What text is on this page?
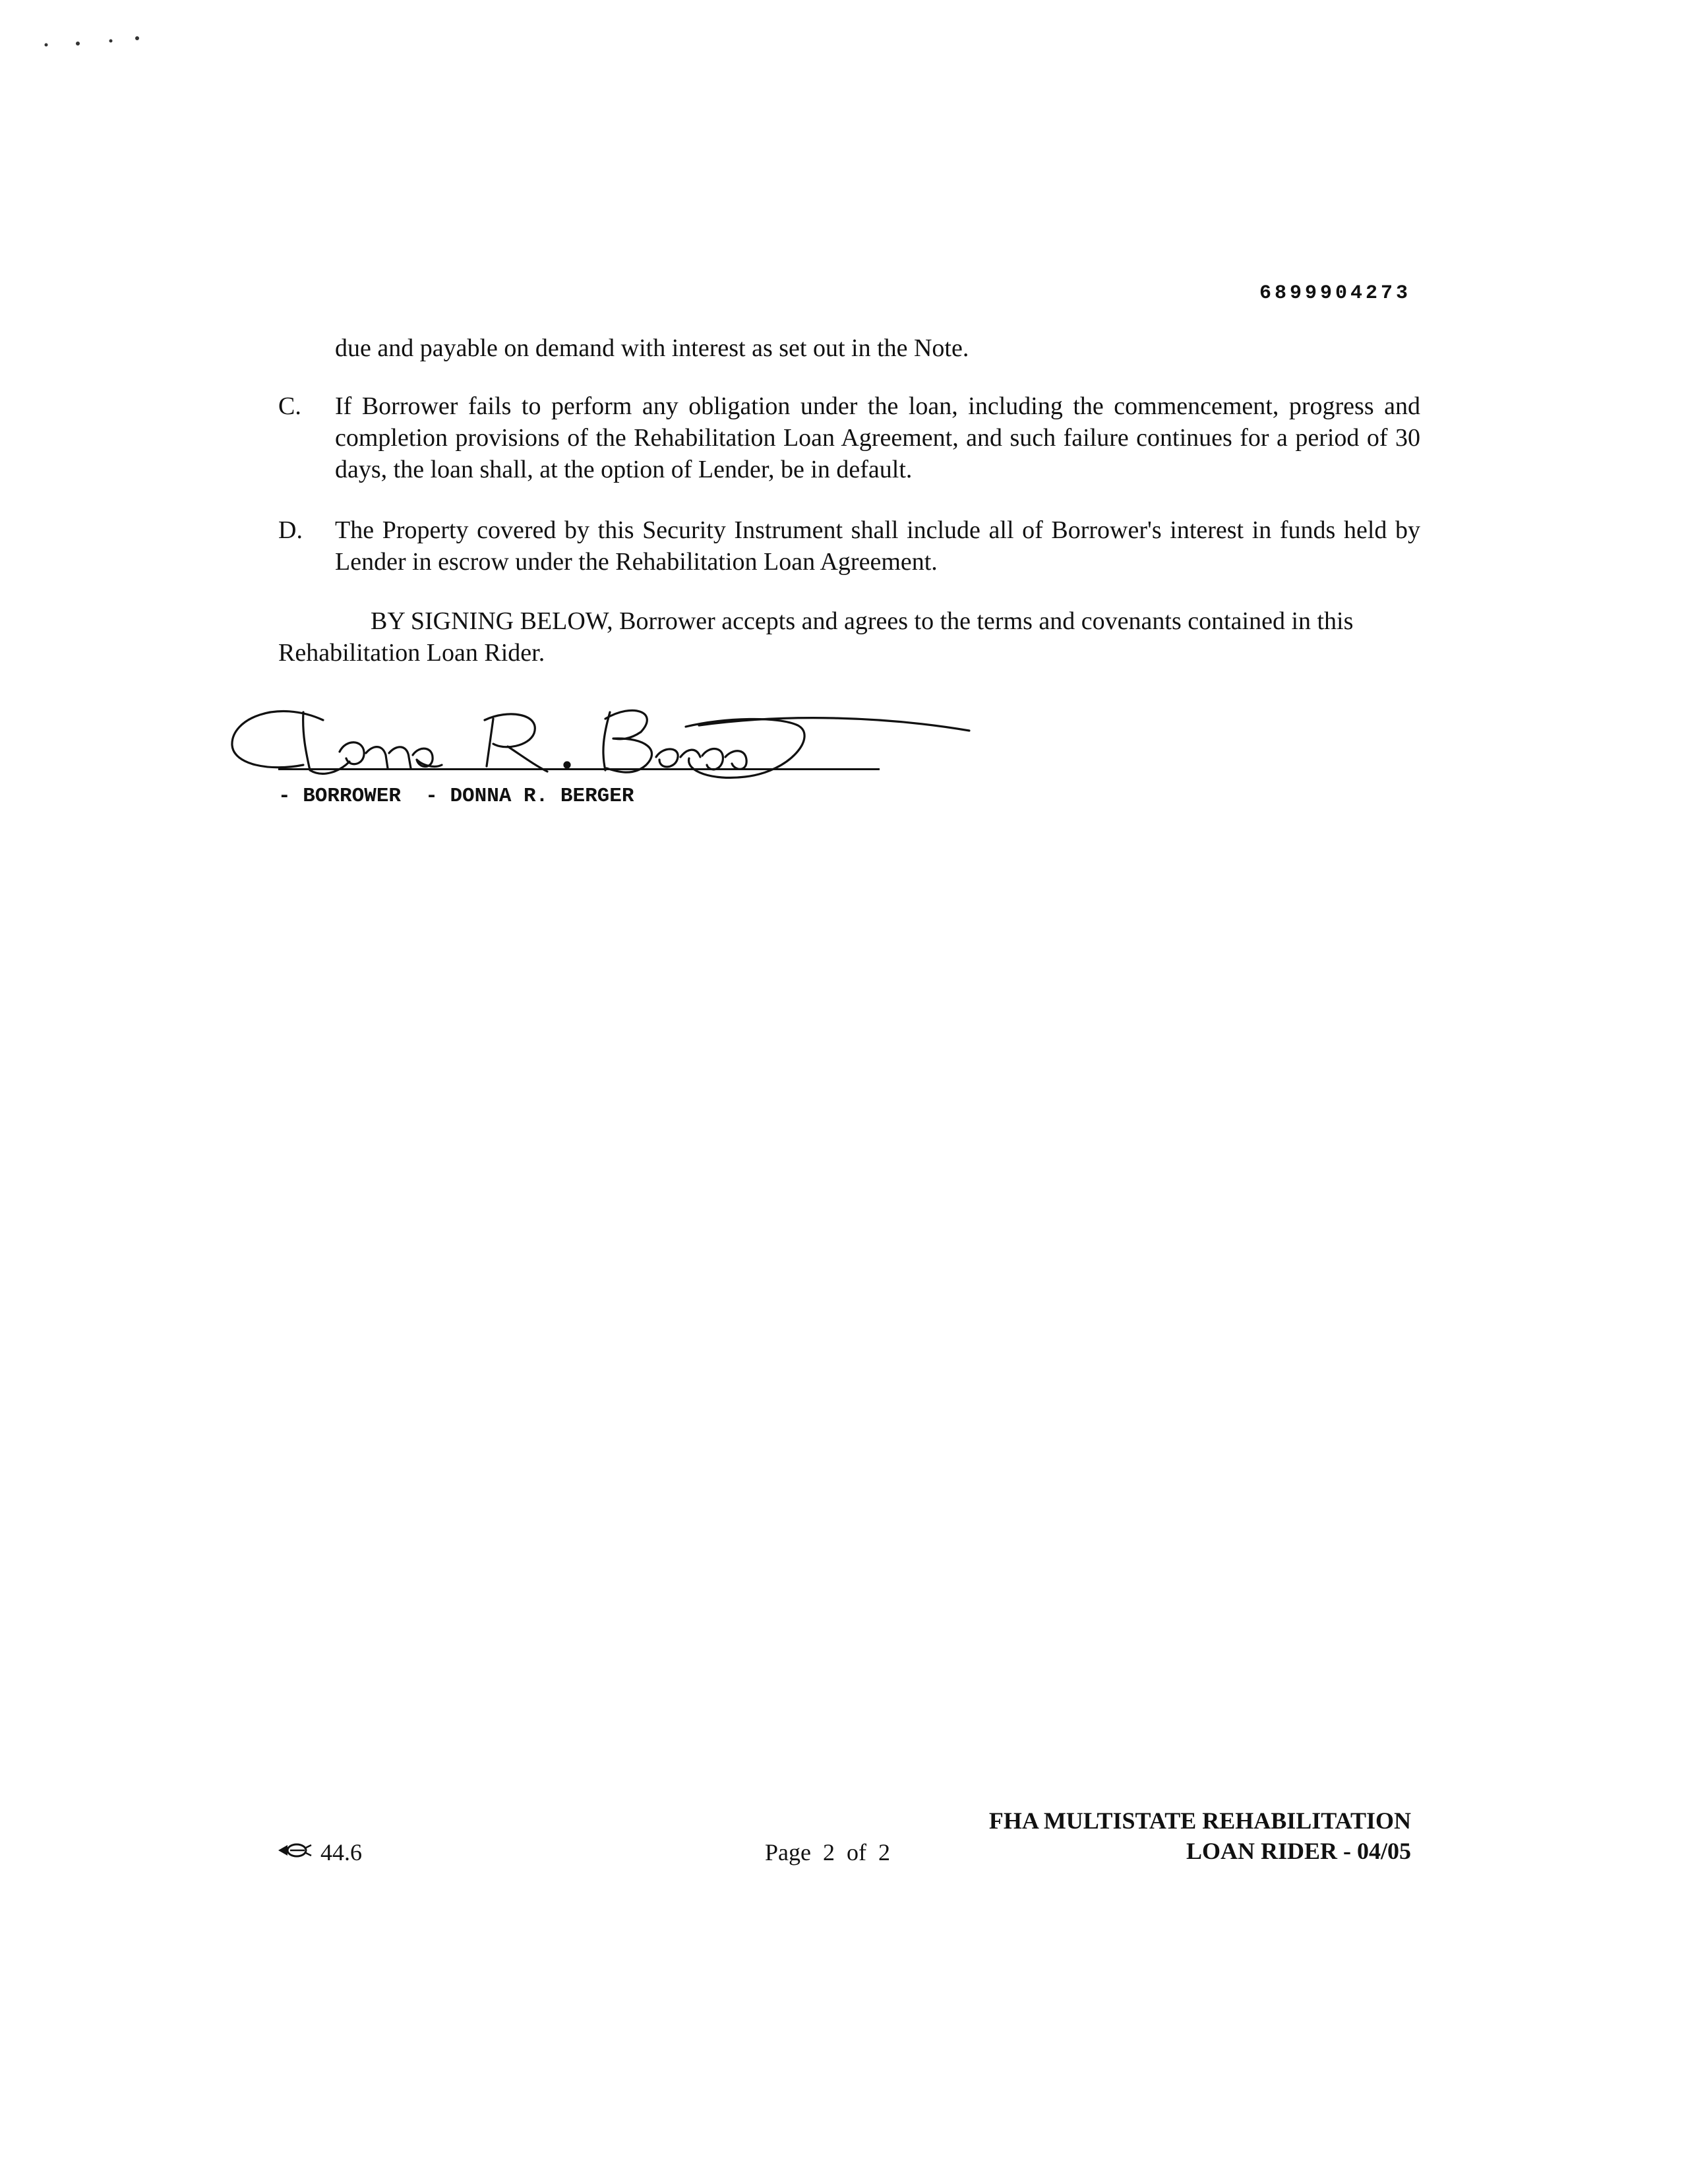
6899904273
due and payable on demand with interest as set out in the Note.
C. If Borrower fails to perform any obligation under the loan, including the commencement, progress and completion provisions of the Rehabilitation Loan Agreement, and such failure continues for a period of 30 days, the loan shall, at the option of Lender, be in default.
D. The Property covered by this Security Instrument shall include all of Borrower's interest in funds held by Lender in escrow under the Rehabilitation Loan Agreement.
BY SIGNING BELOW, Borrower accepts and agrees to the terms and covenants contained in this Rehabilitation Loan Rider.
- BORROWER  - DONNA R. BERGER
44.6	Page  2  of  2
FHA MULTISTATE REHABILITATION
LOAN RIDER - 04/05
